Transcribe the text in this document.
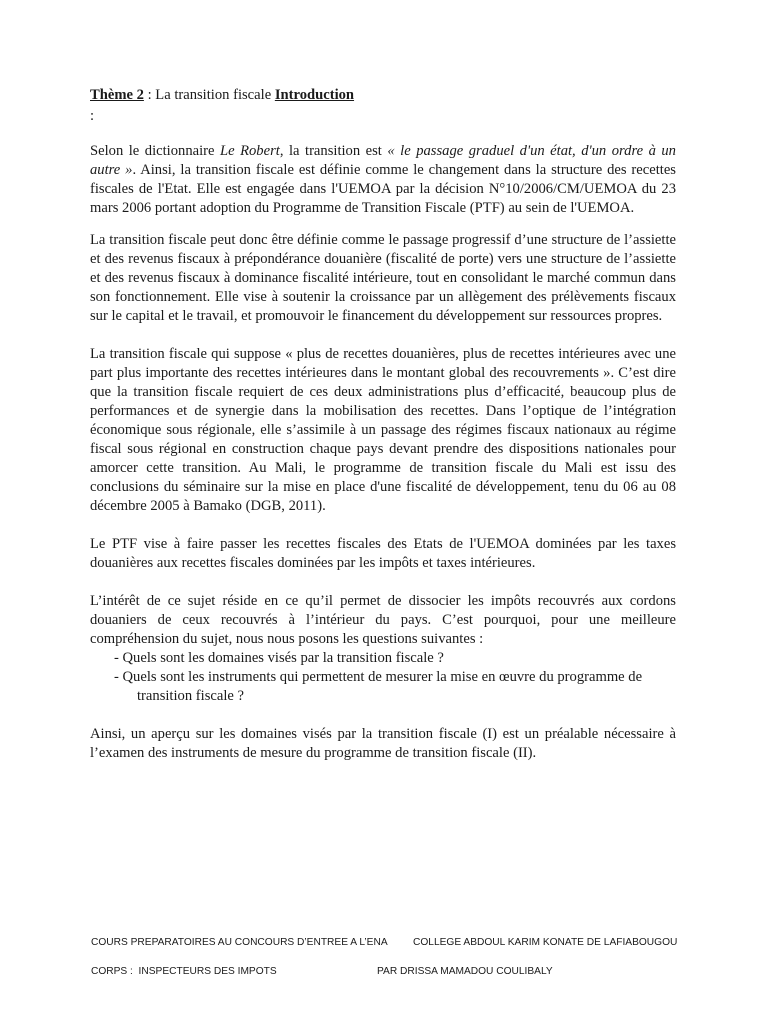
Thème 2 : La transition fiscale Introduction

:

Selon le dictionnaire Le Robert, la transition est « le passage graduel d'un état, d'un ordre à un autre ». Ainsi, la transition fiscale est définie comme le changement dans la structure des recettes fiscales de l'Etat. Elle est engagée dans l'UEMOA par la décision N°10/2006/CM/UEMOA du 23 mars 2006 portant adoption du Programme de Transition Fiscale (PTF) au sein de l'UEMOA.

La transition fiscale peut donc être définie comme le passage progressif d’une structure de l’assiette et des revenus fiscaux à prépondérance douanière (fiscalité de porte) vers une structure de l’assiette et des revenus fiscaux à dominance fiscalité intérieure, tout en consolidant le marché commun dans son fonctionnement. Elle vise à soutenir la croissance par un allègement des prélèvements fiscaux sur le capital et le travail, et promouvoir le financement du développement sur ressources propres.

La transition fiscale qui suppose « plus de recettes douanières, plus de recettes intérieures avec une part plus importante des recettes intérieures dans le montant global des recouvrements ». C’est dire que la transition fiscale requiert de ces deux administrations plus d’efficacité, beaucoup plus de performances et de synergie dans la mobilisation des recettes. Dans l’optique de l’intégration économique sous régionale, elle s’assimile à un passage des régimes fiscaux nationaux au régime fiscal sous régional en construction chaque pays devant prendre des dispositions nationales pour amorcer cette transition. Au Mali, le programme de transition fiscale du Mali est issu des conclusions du séminaire sur la mise en place d'une fiscalité de développement, tenu du 06 au 08 décembre 2005 à Bamako (DGB, 2011).

Le PTF vise à faire passer les recettes fiscales des Etats de l'UEMOA dominées par les taxes douanières aux recettes fiscales dominées par les impôts et taxes intérieures.

L’intérêt de ce sujet réside en ce qu’il permet de dissocier les impôts recouvrés aux cordons douaniers de ceux recouvrés à l’intérieur du pays. C’est pourquoi, pour une meilleure compréhension du sujet, nous nous posons les questions suivantes :

- Quels sont les domaines visés par la transition fiscale ?
- Quels sont les instruments qui permettent de mesurer la mise en œuvre du programme de transition fiscale ?

Ainsi, un aperçu sur les domaines visés par la transition fiscale (I) est un préalable nécessaire à l’examen des instruments de mesure du programme de transition fiscale (II).

COURS PREPARATOIRES AU CONCOURS D’ENTREE A L’ENA COLLEGE ABDOUL KARIM KONATE DE LAFIABOUGOU
CORPS :  INSPECTEURS DES IMPOTS	PAR DRISSA MAMADOU COULIBALY
